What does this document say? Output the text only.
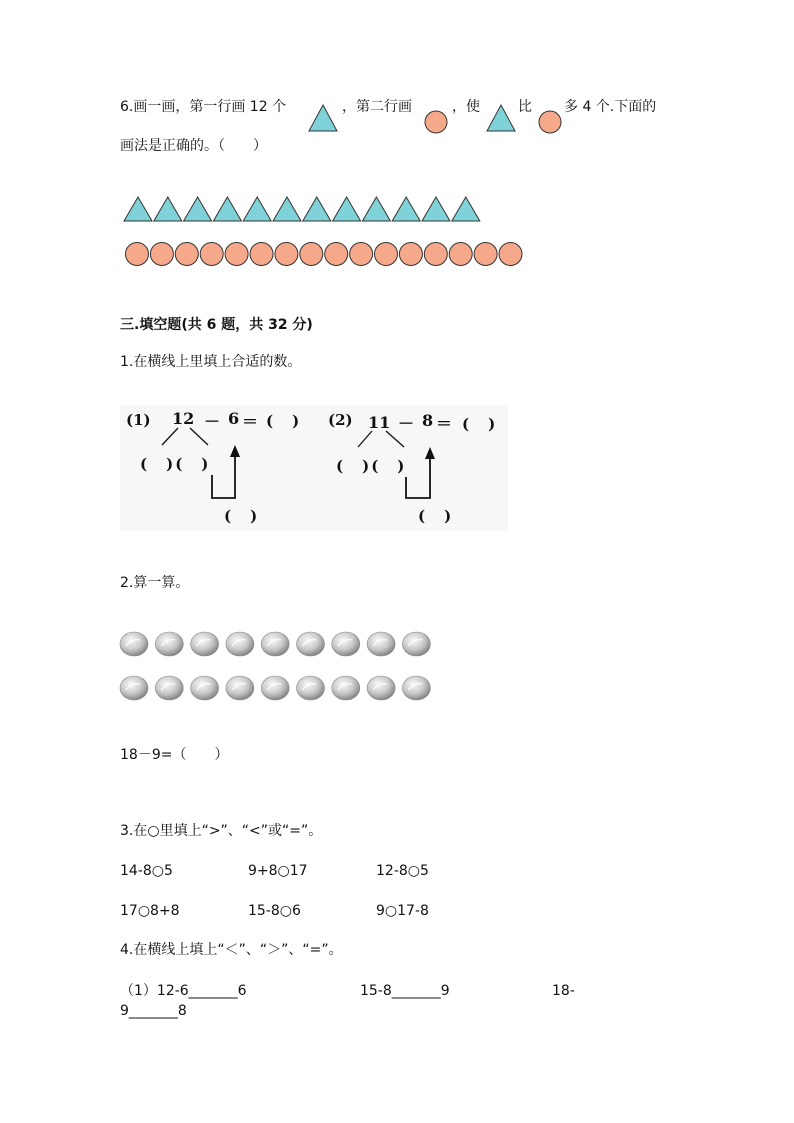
6.画一画，第一行画 12 个	，第二行画	，使	比 多 4 个.下面的
画法是正确的。（　　）
三.填空题(共 6 题，共 32 分)
1.在横线上里填上合适的数。
(1) 12 － 6 ＝ (　)
(　)(　)
(　)
(2) 11 － 8 ＝ (　)
(　)(　)
(　)
2.算一算。
18－9=（　　）
3.在○里填上“>”、“<”或“=”。
14-8○5	9+8○17	12-8○5
17○8+8	15-8○6	9○17-8
4.在横线上填上“＜”、“＞”、“=”。
（1）12-6_______6	15-8_______9	18-
9_______8
